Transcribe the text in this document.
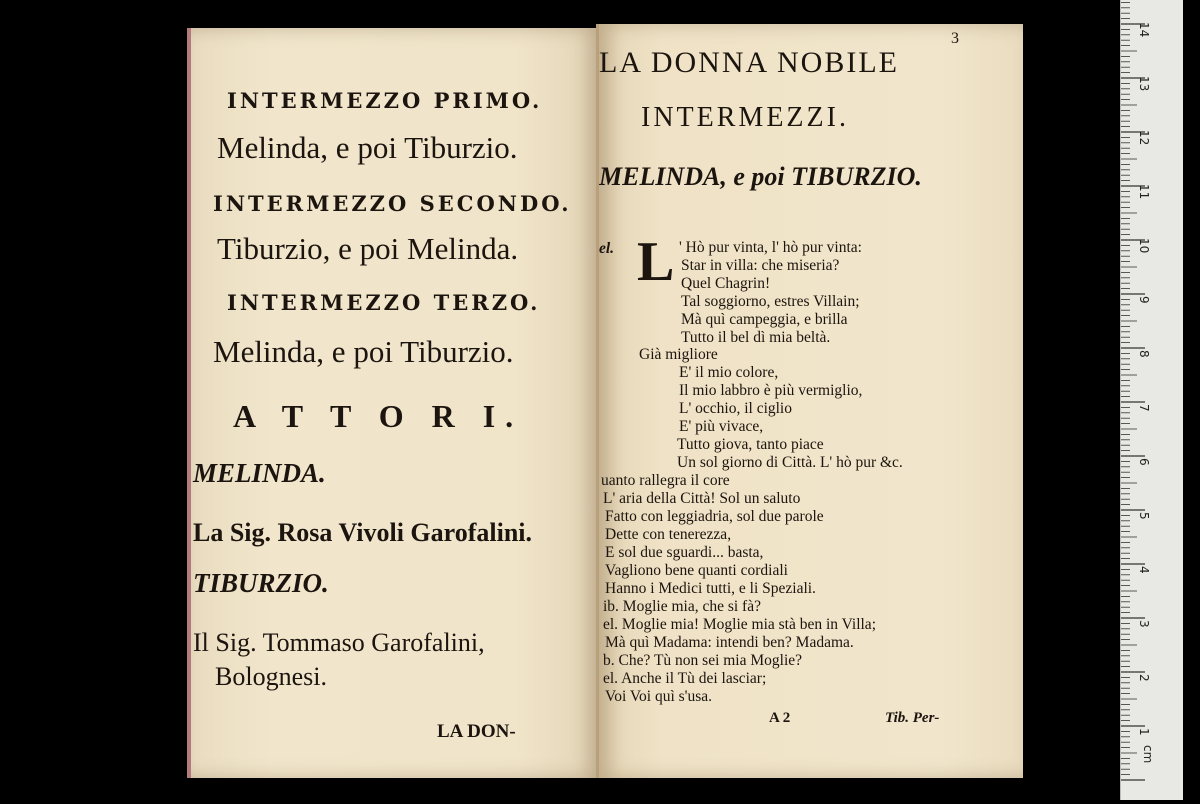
INTERMEZZO PRIMO.
Melinda, e poi Tiburzio.
INTERMEZZO SECONDO.
Tiburzio, e poi Melinda.
INTERMEZZO TERZO.
Melinda, e poi Tiburzio.
A T T O R I.
MELINDA.
La Sig. Rosa Vivoli Garofalini.
TIBURZIO.
Il Sig. Tommaso Garofalini,
Bolognesi.
LA DON-
3
LA DONNA NOBILE
INTERMEZZI.
MELINDA, e poi TIBURZIO.
el. L ' Hò pur vinta, l' hò pur vinta:
Star in villa: che miseria?
Quel Chagrin!
Tal soggiorno, estres Villain;
Mà quì campeggia, e brilla
Tutto il bel dì mia beltà.
Già migliore
E' il mio colore,
Il mio labbro è più vermiglio,
L' occhio, il ciglio
E' più vivace,
Tutto giova, tanto piace
Un sol giorno di Città. L' hò pur &c.
uanto rallegra il core
L' aria della Città! Sol un saluto
Fatto con leggiadria, sol due parole
Dette con tenerezza,
E sol due sguardi... basta,
Vagliono bene quanti cordiali
Hanno i Medici tutti, e li Speziali.
ib. Moglie mia, che si fà?
el. Moglie mia! Moglie mia stà ben in Villa;
Mà quì Madama: intendi ben? Madama.
b. Che? Tù non sei mia Moglie?
el. Anche il Tù dei lasciar;
Voi Voi quì s'usa.
A 2	Tib. Per-
cm
1
2
3
4
5
6
7
8
9
10
11
12
13
14
